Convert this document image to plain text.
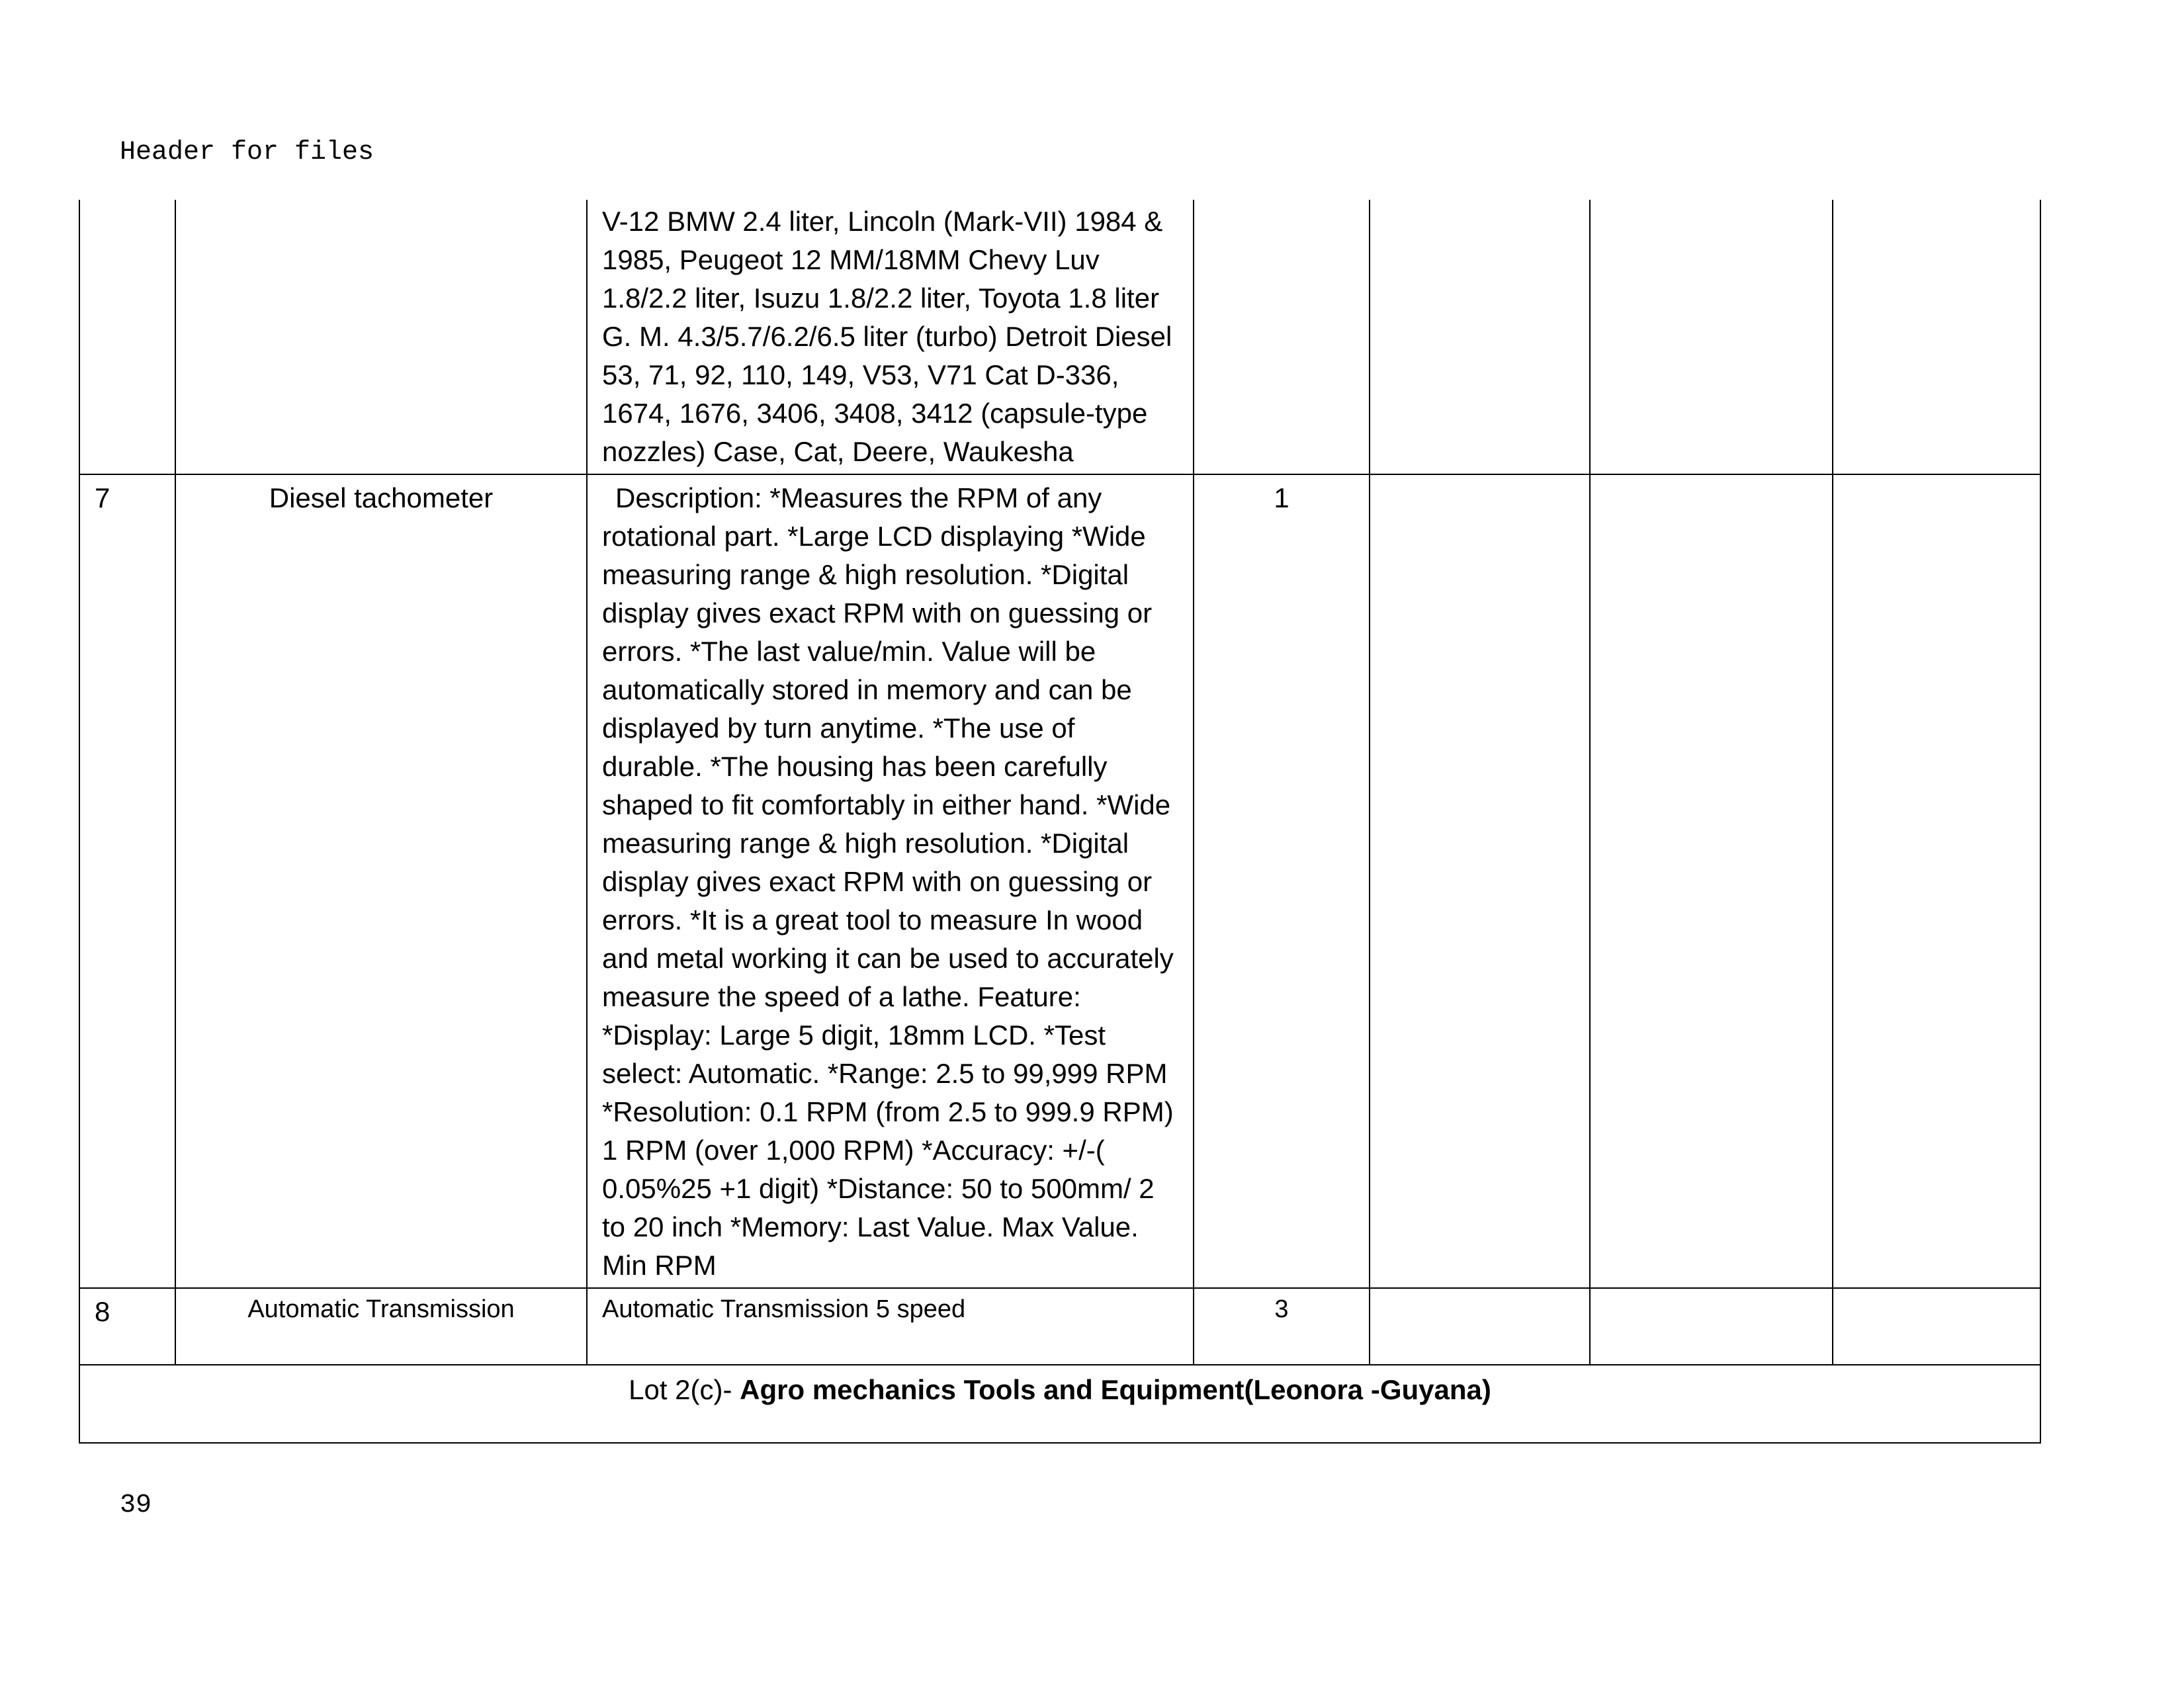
Header for files

		V-12 BMW 2.4 liter, Lincoln (Mark-VII) 1984 & 1985, Peugeot 12 MM/18MM Chevy Luv 1.8/2.2 liter, Isuzu 1.8/2.2 liter, Toyota 1.8 liter G. M. 4.3/5.7/6.2/6.5 liter (turbo) Detroit Diesel 53, 71, 92, 110, 149, V53, V71 Cat D-336, 1674, 1676, 3406, 3408, 3412 (capsule-type nozzles) Case, Cat, Deere, Waukesha				

7	Diesel tachometer	Description: *Measures the RPM of any rotational part. *Large LCD displaying *Wide measuring range & high resolution. *Digital display gives exact RPM with on guessing or errors. *The last value/min. Value will be automatically stored in memory and can be displayed by turn anytime. *The use of durable. *The housing has been carefully shaped to fit comfortably in either hand. *Wide measuring range & high resolution. *Digital display gives exact RPM with on guessing or errors. *It is a great tool to measure In wood and metal working it can be used to accurately measure the speed of a lathe. Feature: *Display: Large 5 digit, 18mm LCD. *Test select: Automatic. *Range: 2.5 to 99,999 RPM *Resolution: 0.1 RPM (from 2.5 to 999.9 RPM) 1 RPM (over 1,000 RPM) *Accuracy: +/-( 0.05%25 +1 digit) *Distance: 50 to 500mm/ 2 to 20 inch *Memory: Last Value. Max Value. Min RPM	1			

8	Automatic Transmission	Automatic Transmission 5 speed	3			

Lot 2(c)- Agro mechanics Tools and Equipment(Leonora -Guyana)						
39
